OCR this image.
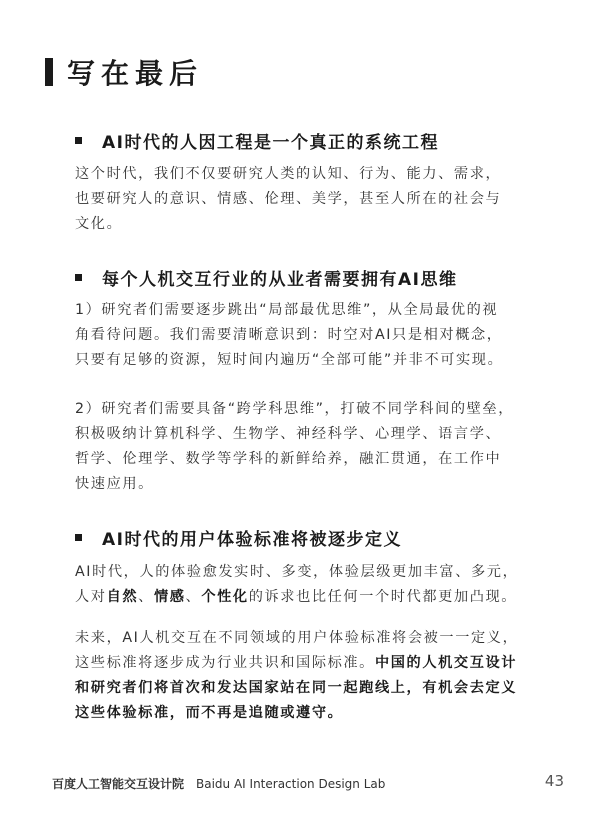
写在最后
AI时代的人因工程是一个真正的系统工程
这个时代，我们不仅要研究人类的认知、行为、能力、需求，
也要研究人的意识、情感、伦理、美学，甚至人所在的社会与
文化。
每个人机交互行业的从业者需要拥有AI思维
1）研究者们需要逐步跳出“局部最优思维”，从全局最优的视
角看待问题。我们需要清晰意识到：时空对AI只是相对概念，
只要有足够的资源，短时间内遍历“全部可能”并非不可实现。
2）研究者们需要具备“跨学科思维”，打破不同学科间的壁垒，
积极吸纳计算机科学、生物学、神经科学、心理学、语言学、
哲学、伦理学、数学等学科的新鲜给养，融汇贯通，在工作中
快速应用。
AI时代的用户体验标准将被逐步定义
AI时代，人的体验愈发实时、多变，体验层级更加丰富、多元，
人对自然、情感、个性化的诉求也比任何一个时代都更加凸现。
未来，AI人机交互在不同领域的用户体验标准将会被一一定义，
这些标准将逐步成为行业共识和国际标准。中国的人机交互设计
和研究者们将首次和发达国家站在同一起跑线上，有机会去定义
这些体验标准，而不再是追随或遵守。
百度人工智能交互设计院 Baidu AI Interaction Design Lab	43
